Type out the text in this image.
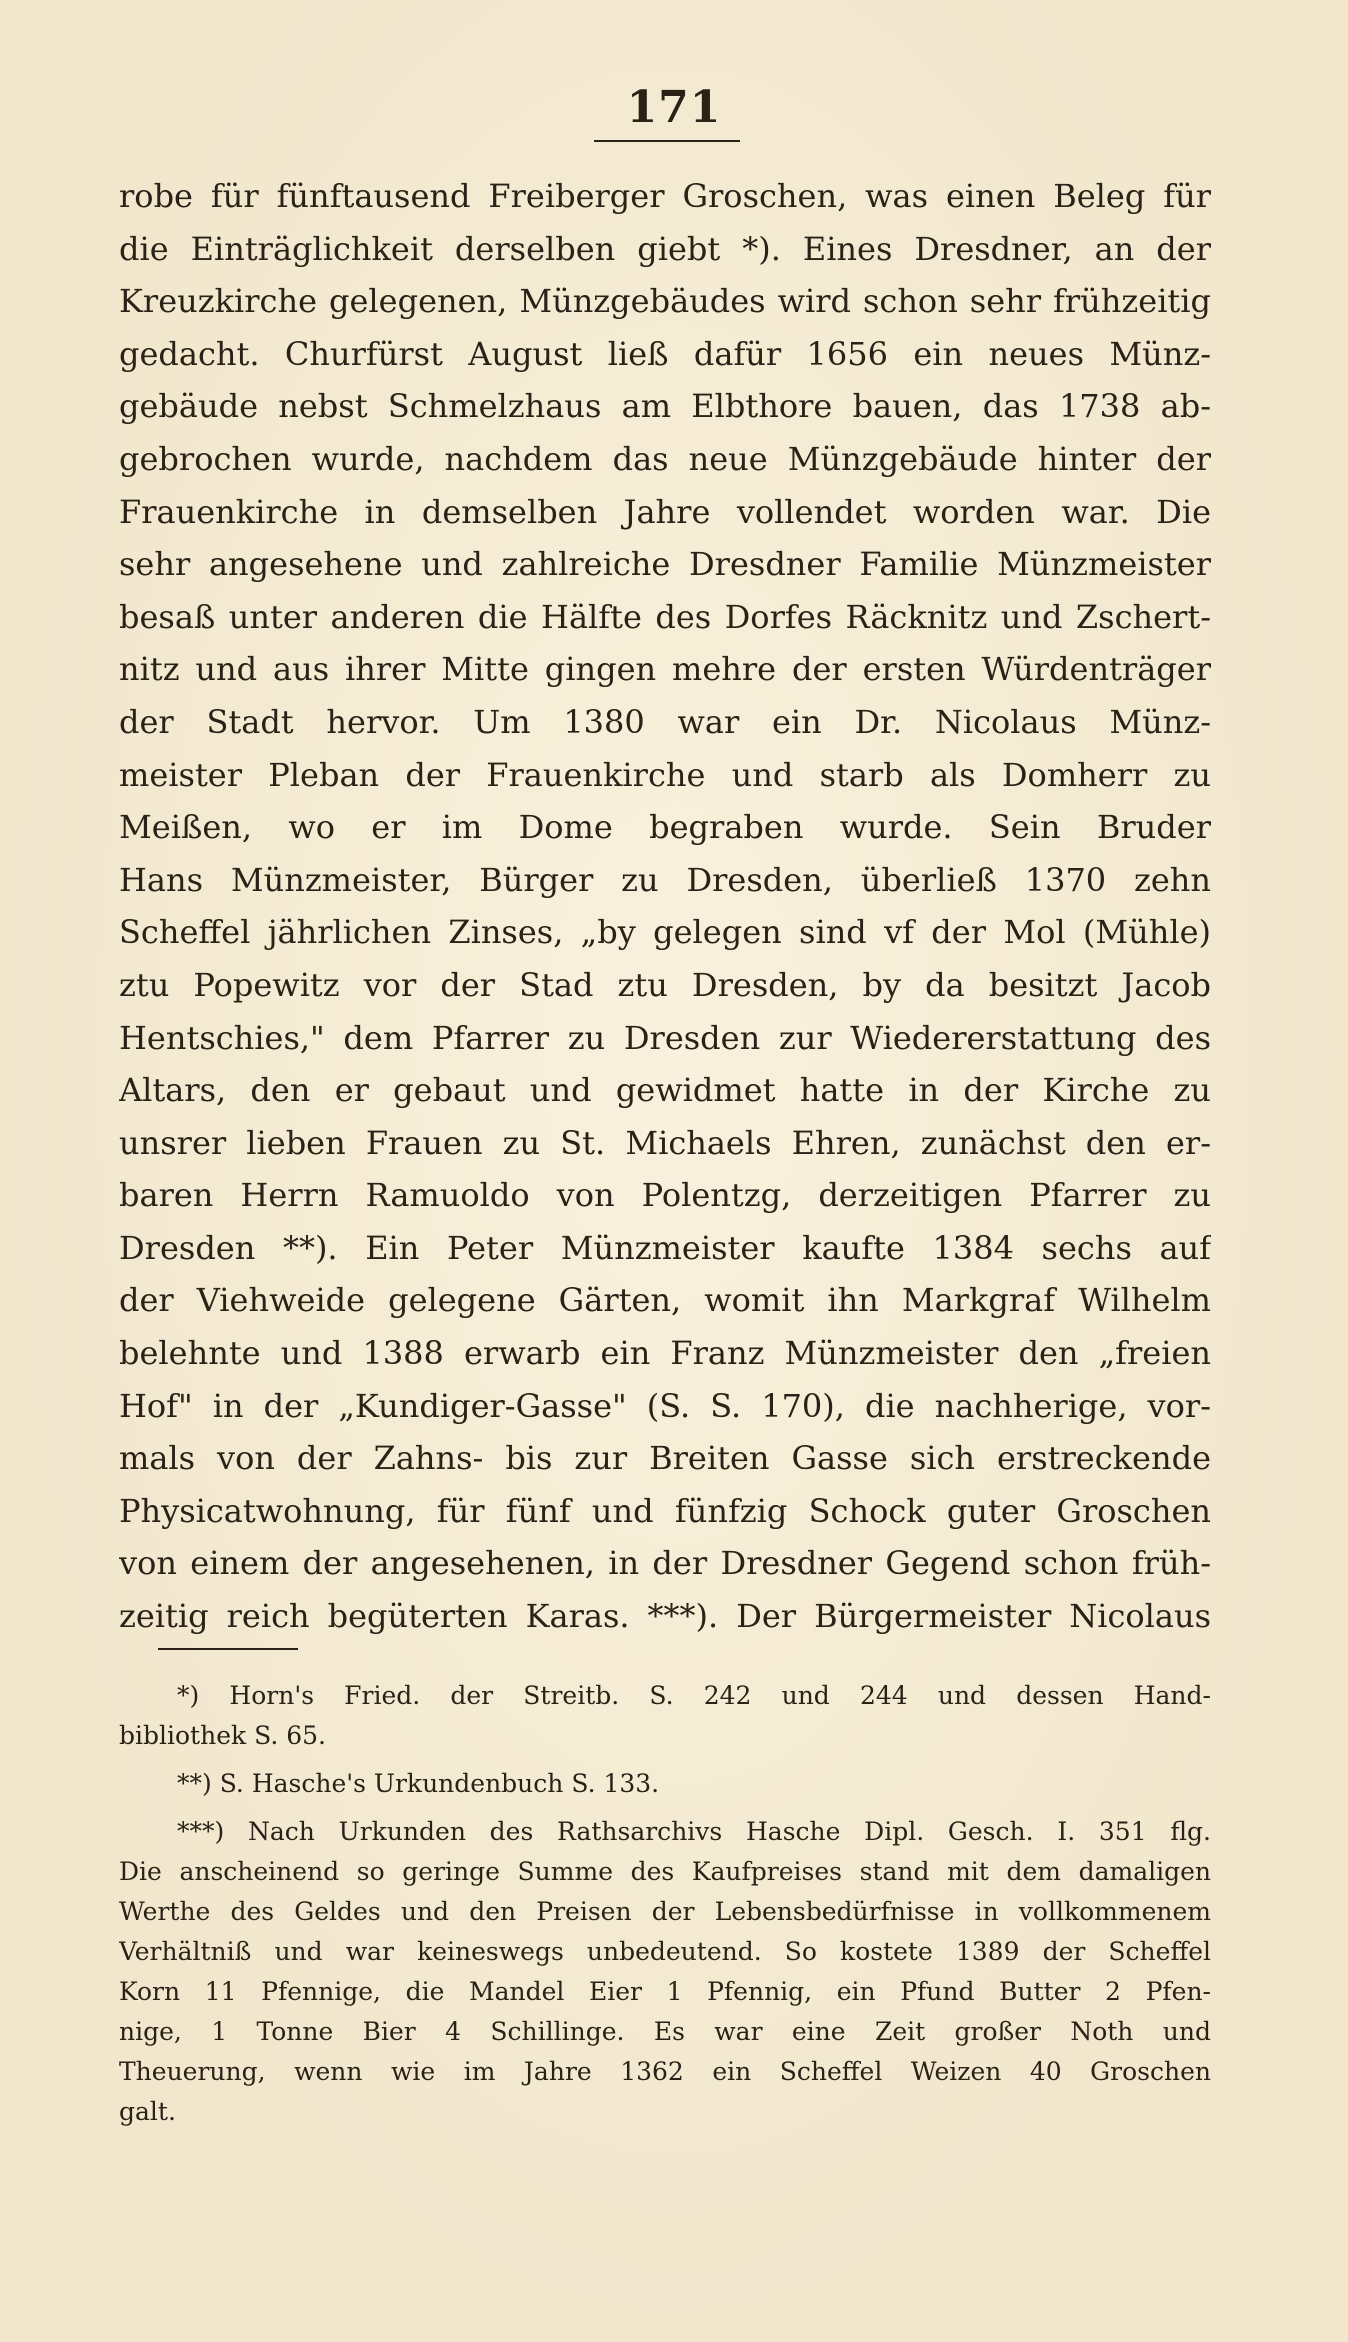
171
robe für fünftausend Freiberger Groschen, was einen Beleg für
die Einträglichkeit derselben giebt *). Eines Dresdner, an der
Kreuzkirche gelegenen, Münzgebäudes wird schon sehr frühzeitig
gedacht. Churfürst August ließ dafür 1656 ein neues Münz-
gebäude nebst Schmelzhaus am Elbthore bauen, das 1738 ab-
gebrochen wurde, nachdem das neue Münzgebäude hinter der
Frauenkirche in demselben Jahre vollendet worden war. Die
sehr angesehene und zahlreiche Dresdner Familie Münzmeister
besaß unter anderen die Hälfte des Dorfes Räcknitz und Zschert-
nitz und aus ihrer Mitte gingen mehre der ersten Würdenträger
der Stadt hervor. Um 1380 war ein Dr. Nicolaus Münz-
meister Pleban der Frauenkirche und starb als Domherr zu
Meißen, wo er im Dome begraben wurde. Sein Bruder
Hans Münzmeister, Bürger zu Dresden, überließ 1370 zehn
Scheffel jährlichen Zinses, „by gelegen sind vf der Mol (Mühle)
ztu Popewitz vor der Stad ztu Dresden, by da besitzt Jacob
Hentschies," dem Pfarrer zu Dresden zur Wiedererstattung des
Altars, den er gebaut und gewidmet hatte in der Kirche zu
unsrer lieben Frauen zu St. Michaels Ehren, zunächst den er-
baren Herrn Ramuoldo von Polentzg, derzeitigen Pfarrer zu
Dresden **). Ein Peter Münzmeister kaufte 1384 sechs auf
der Viehweide gelegene Gärten, womit ihn Markgraf Wilhelm
belehnte und 1388 erwarb ein Franz Münzmeister den „freien
Hof" in der „Kundiger-Gasse" (S. S. 170), die nachherige, vor-
mals von der Zahns- bis zur Breiten Gasse sich erstreckende
Physicatwohnung, für fünf und fünfzig Schock guter Groschen
von einem der angesehenen, in der Dresdner Gegend schon früh-
zeitig reich begüterten Karas. ***). Der Bürgermeister Nicolaus
*) Horn's Fried. der Streitb. S. 242 und 244 und dessen Hand-
bibliothek S. 65.
**) S. Hasche's Urkundenbuch S. 133.
***) Nach Urkunden des Rathsarchivs Hasche Dipl. Gesch. I. 351 flg.
Die anscheinend so geringe Summe des Kaufpreises stand mit dem damaligen
Werthe des Geldes und den Preisen der Lebensbedürfnisse in vollkommenem
Verhältniß und war keineswegs unbedeutend. So kostete 1389 der Scheffel
Korn 11 Pfennige, die Mandel Eier 1 Pfennig, ein Pfund Butter 2 Pfen-
nige, 1 Tonne Bier 4 Schillinge. Es war eine Zeit großer Noth und
Theuerung, wenn wie im Jahre 1362 ein Scheffel Weizen 40 Groschen
galt.
